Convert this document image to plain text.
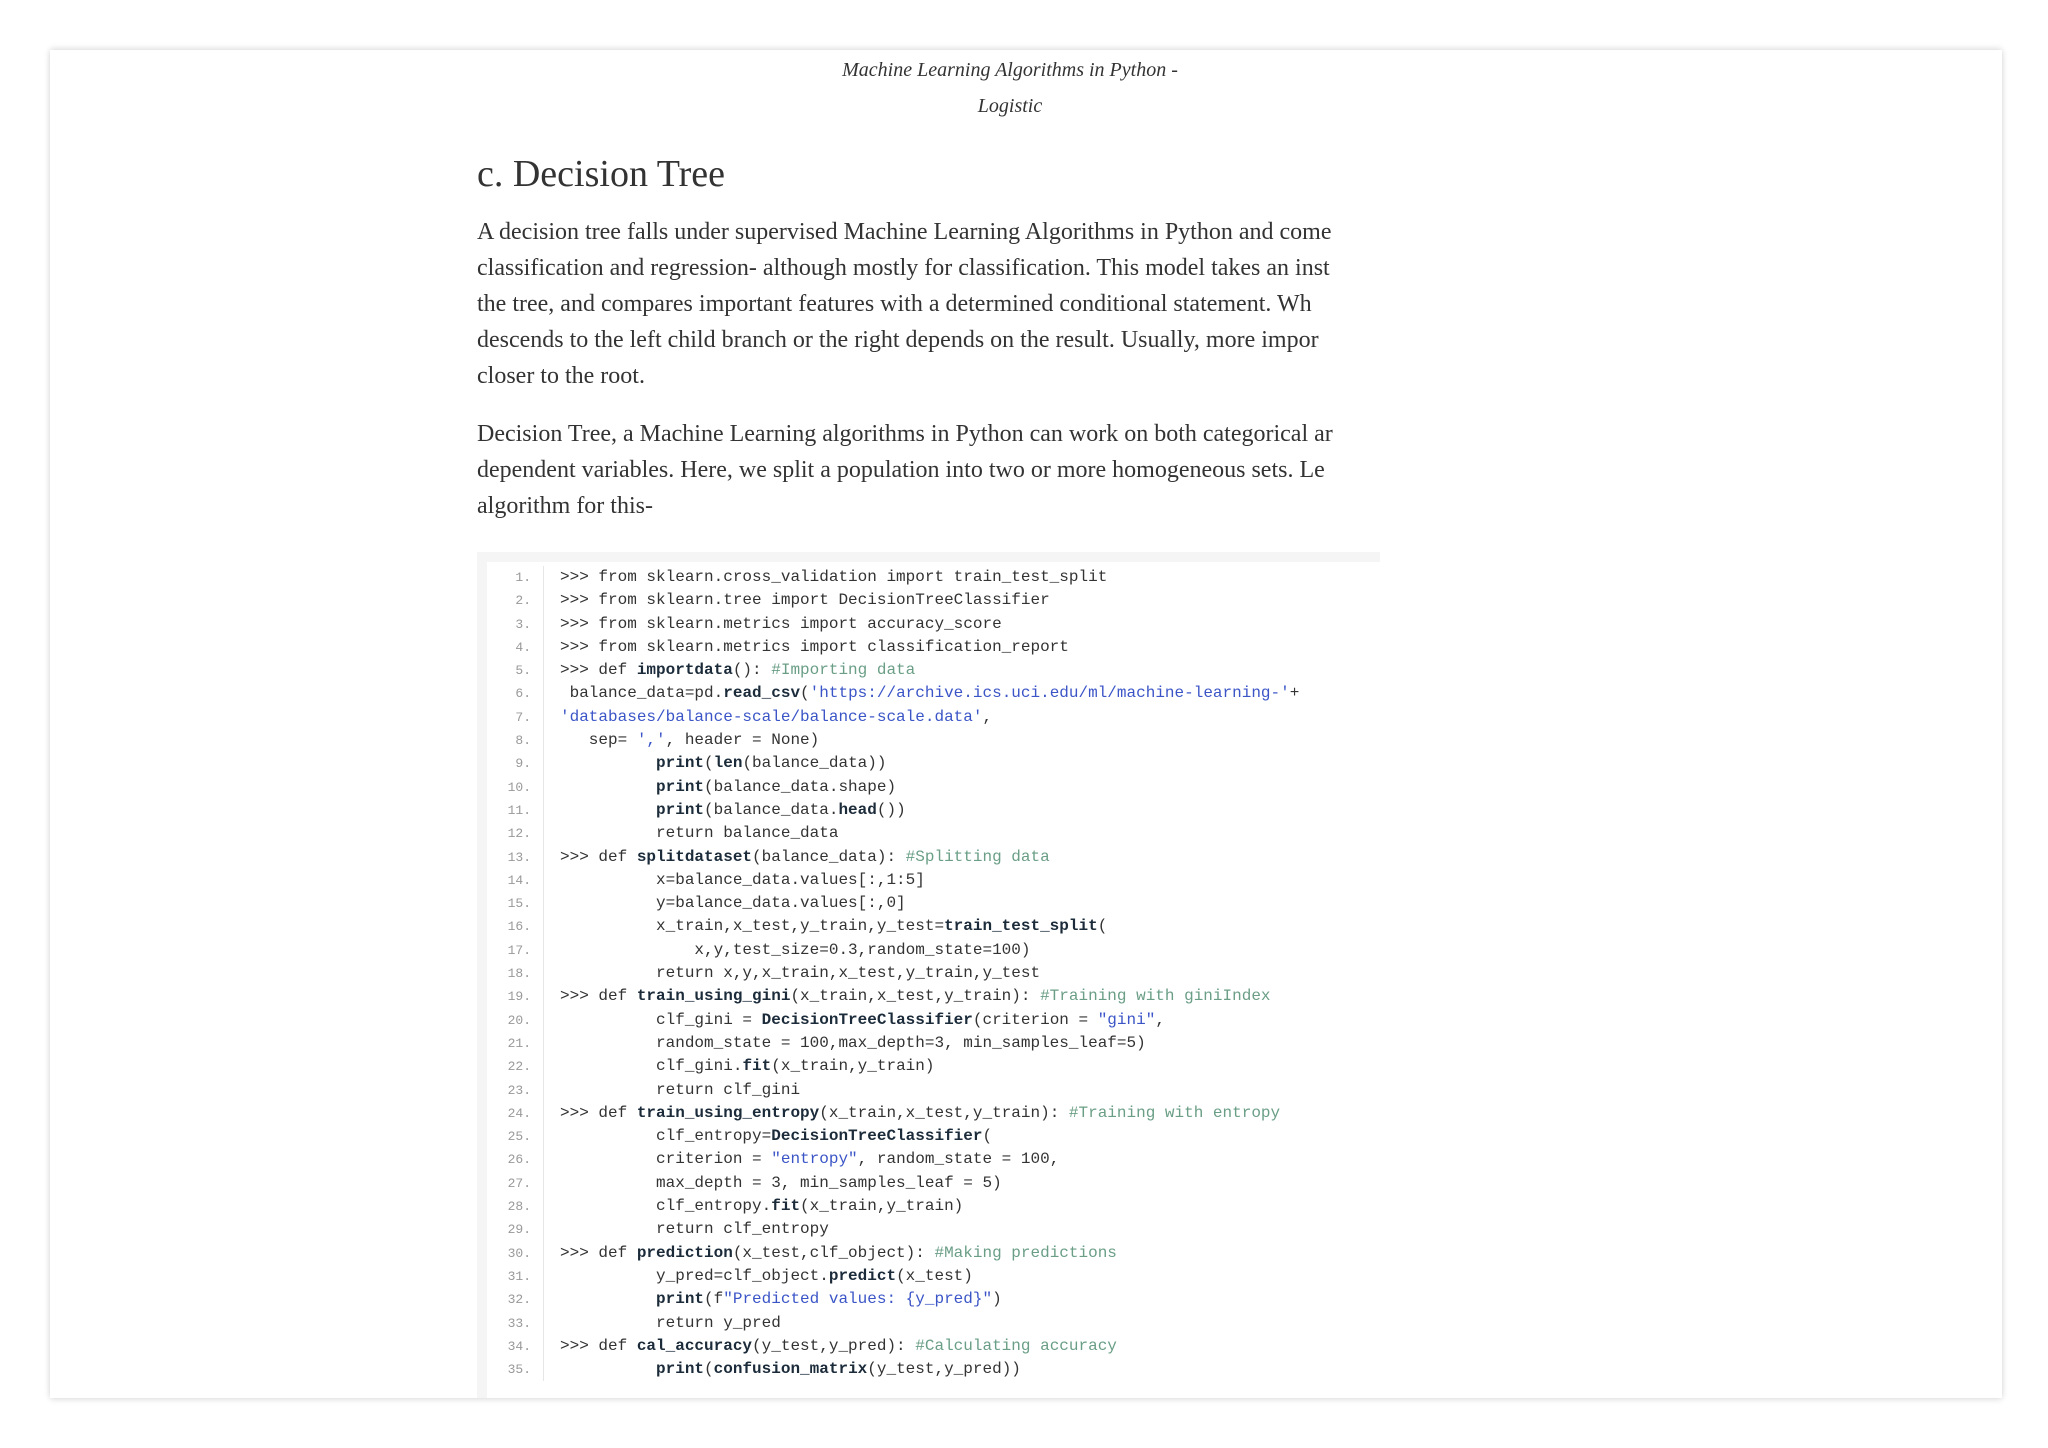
Machine Learning Algorithms in Python -
Logistic
c. Decision Tree

A decision tree falls under supervised Machine Learning Algorithms in Python and come
classification and regression- although mostly for classification. This model takes an inst
the tree, and compares important features with a determined conditional statement. Wh
descends to the left child branch or the right depends on the result. Usually, more impor
closer to the root.

Decision Tree, a Machine Learning algorithms in Python can work on both categorical ar
dependent variables. Here, we split a population into two or more homogeneous sets. Le
algorithm for this-

1.	>>> from sklearn.cross_validation import train_test_split
2.	>>> from sklearn.tree import DecisionTreeClassifier
3.	>>> from sklearn.metrics import accuracy_score
4.	>>> from sklearn.metrics import classification_report
5.	>>> def importdata(): #Importing data
6.	balance_data=pd.read_csv('https://archive.ics.uci.edu/ml/machine-learning-'+
7.	'databases/balance-scale/balance-scale.data',
8.	sep= ',', header = None)
9.	print(len(balance_data))
10.	print(balance_data.shape)
11.	print(balance_data.head())
12.	return balance_data
13.	>>> def splitdataset(balance_data): #Splitting data
14.	x=balance_data.values[:,1:5]
15.	y=balance_data.values[:,0]
16.	x_train,x_test,y_train,y_test=train_test_split(
17.	x,y,test_size=0.3,random_state=100)
18.	return x,y,x_train,x_test,y_train,y_test
19.	>>> def train_using_gini(x_train,x_test,y_train): #Training with giniIndex
20.	clf_gini = DecisionTreeClassifier(criterion = "gini",
21.	random_state = 100,max_depth=3, min_samples_leaf=5)
22.	clf_gini.fit(x_train,y_train)
23.	return clf_gini
24.	>>> def train_using_entropy(x_train,x_test,y_train): #Training with entropy
25.	clf_entropy=DecisionTreeClassifier(
26.	criterion = "entropy", random_state = 100,
27.	max_depth = 3, min_samples_leaf = 5)
28.	clf_entropy.fit(x_train,y_train)
29.	return clf_entropy
30.	>>> def prediction(x_test,clf_object): #Making predictions
31.	y_pred=clf_object.predict(x_test)
32.	print(f"Predicted values: {y_pred}")
33.	return y_pred
34.	>>> def cal_accuracy(y_test,y_pred): #Calculating accuracy
35.	print(confusion_matrix(y_test,y_pred))
